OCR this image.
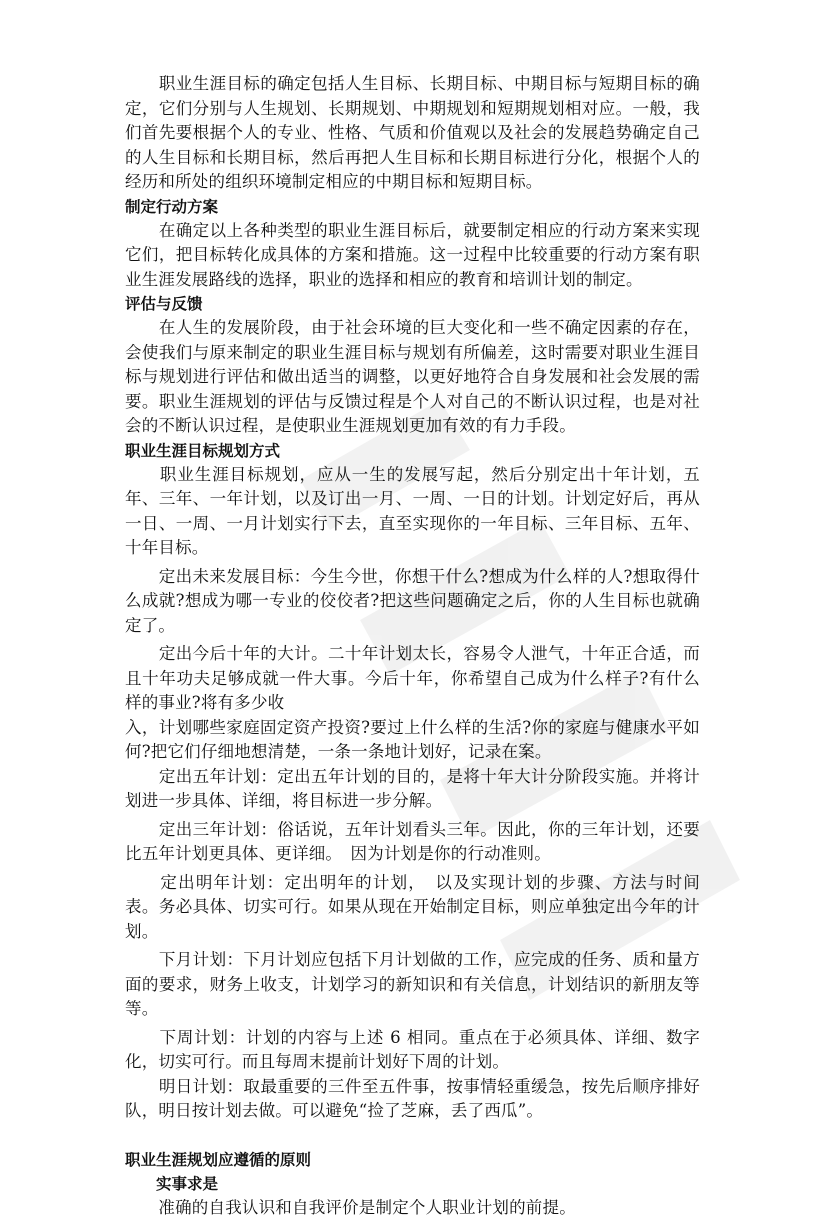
　　职业生涯目标的确定包括人生目标、长期目标、中期目标与短期目标的确定，它们分别与人生规划、长期规划、中期规划和短期规划相对应。一般，我们首先要根据个人的专业、性格、气质和价值观以及社会的发展趋势确定自己的人生目标和长期目标，然后再把人生目标和长期目标进行分化，根据个人的经历和所处的组织环境制定相应的中期目标和短期目标。

制定行动方案

　　在确定以上各种类型的职业生涯目标后，就要制定相应的行动方案来实现它们，把目标转化成具体的方案和措施。这一过程中比较重要的行动方案有职业生涯发展路线的选择，职业的选择和相应的教育和培训计划的制定。

评估与反馈

　　在人生的发展阶段，由于社会环境的巨大变化和一些不确定因素的存在，会使我们与原来制定的职业生涯目标与规划有所偏差，这时需要对职业生涯目标与规划进行评估和做出适当的调整，以更好地符合自身发展和社会发展的需要。职业生涯规划的评估与反馈过程是个人对自己的不断认识过程，也是对社会的不断认识过程，是使职业生涯规划更加有效的有力手段。

职业生涯目标规划方式

　　职业生涯目标规划，应从一生的发展写起，然后分别定出十年计划，五年、三年、一年计划，以及订出一月、一周、一日的计划。计划定好后，再从一日、一周、一月计划实行下去，直至实现你的一年目标、三年目标、五年、十年目标。

　　定出未来发展目标：今生今世，你想干什么?想成为什么样的人?想取得什么成就?想成为哪一专业的佼佼者?把这些问题确定之后，你的人生目标也就确定了。

　　定出今后十年的大计。二十年计划太长，容易令人泄气，十年正合适，而且十年功夫足够成就一件大事。今后十年，你希望自己成为什么样子?有什么样的事业?将有多少收

入，计划哪些家庭固定资产投资?要过上什么样的生活?你的家庭与健康水平如何?把它们仔细地想清楚，一条一条地计划好，记录在案。

　　定出五年计划：定出五年计划的目的，是将十年大计分阶段实施。并将计划进一步具体、详细，将目标进一步分解。

　　定出三年计划：俗话说，五年计划看头三年。因此，你的三年计划，还要比五年计划更具体、更详细。　因为计划是你的行动准则。

　　定出明年计划：定出明年的计划，　以及实现计划的步骤、方法与时间表。务必具体、切实可行。如果从现在开始制定目标，则应单独定出今年的计划。

　　下月计划：下月计划应包括下月计划做的工作，应完成的任务、质和量方面的要求，财务上收支，计划学习的新知识和有关信息，计划结识的新朋友等等。

　　下周计划：计划的内容与上述 6 相同。重点在于必须具体、详细、数字化，切实可行。而且每周末提前计划好下周的计划。

　　明日计划：取最重要的三件至五件事，按事情轻重缓急，按先后顺序排好队，明日按计划去做。可以避免“捡了芝麻，丢了西瓜”。

职业生涯规划应遵循的原则
　　实事求是

　　准确的自我认识和自我评价是制定个人职业计划的前提。
